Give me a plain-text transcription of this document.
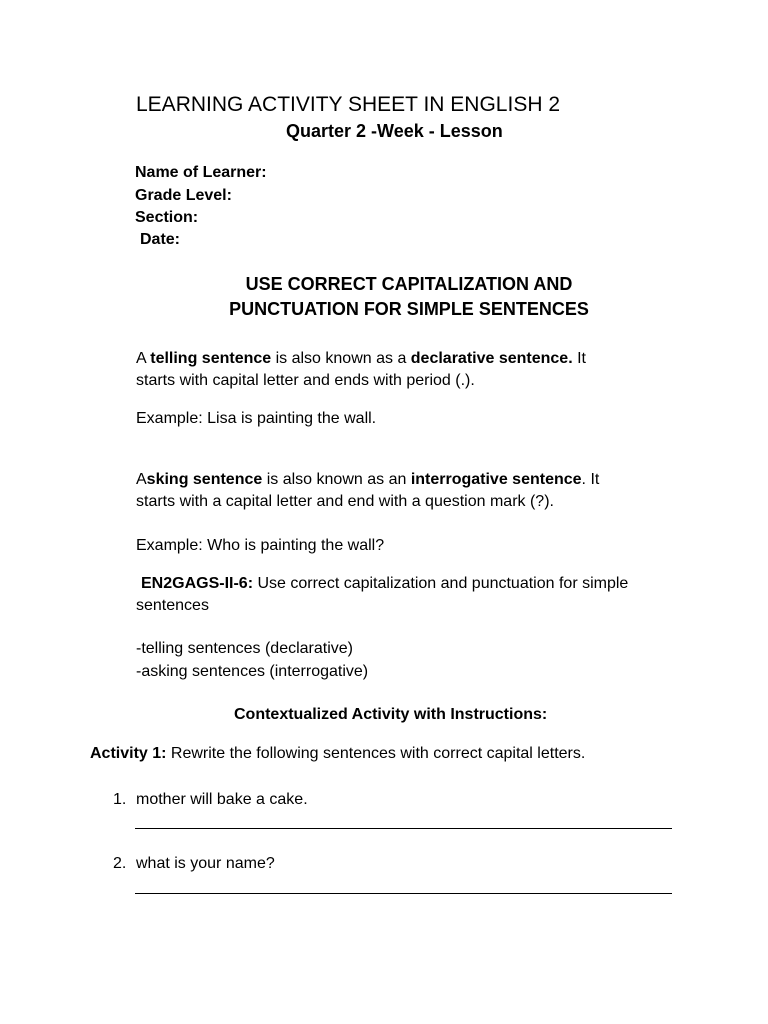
LEARNING ACTIVITY SHEET IN ENGLISH 2
Quarter 2 -Week - Lesson
Name of Learner:
Grade Level:
Section:
Date:
USE CORRECT CAPITALIZATION AND
PUNCTUATION FOR SIMPLE SENTENCES
A telling sentence is also known as a declarative sentence. It
starts with capital letter and ends with period (.).
Example: Lisa is painting the wall.
Asking sentence is also known as an interrogative sentence. It
starts with a capital letter and end with a question mark (?).
Example: Who is painting the wall?
EN2GAGS-II-6: Use correct capitalization and punctuation for simple
sentences
-telling sentences (declarative)
-asking sentences (interrogative)
Contextualized Activity with Instructions:
Activity 1: Rewrite the following sentences with correct capital letters.
1. mother will bake a cake.
2. what is your name?
